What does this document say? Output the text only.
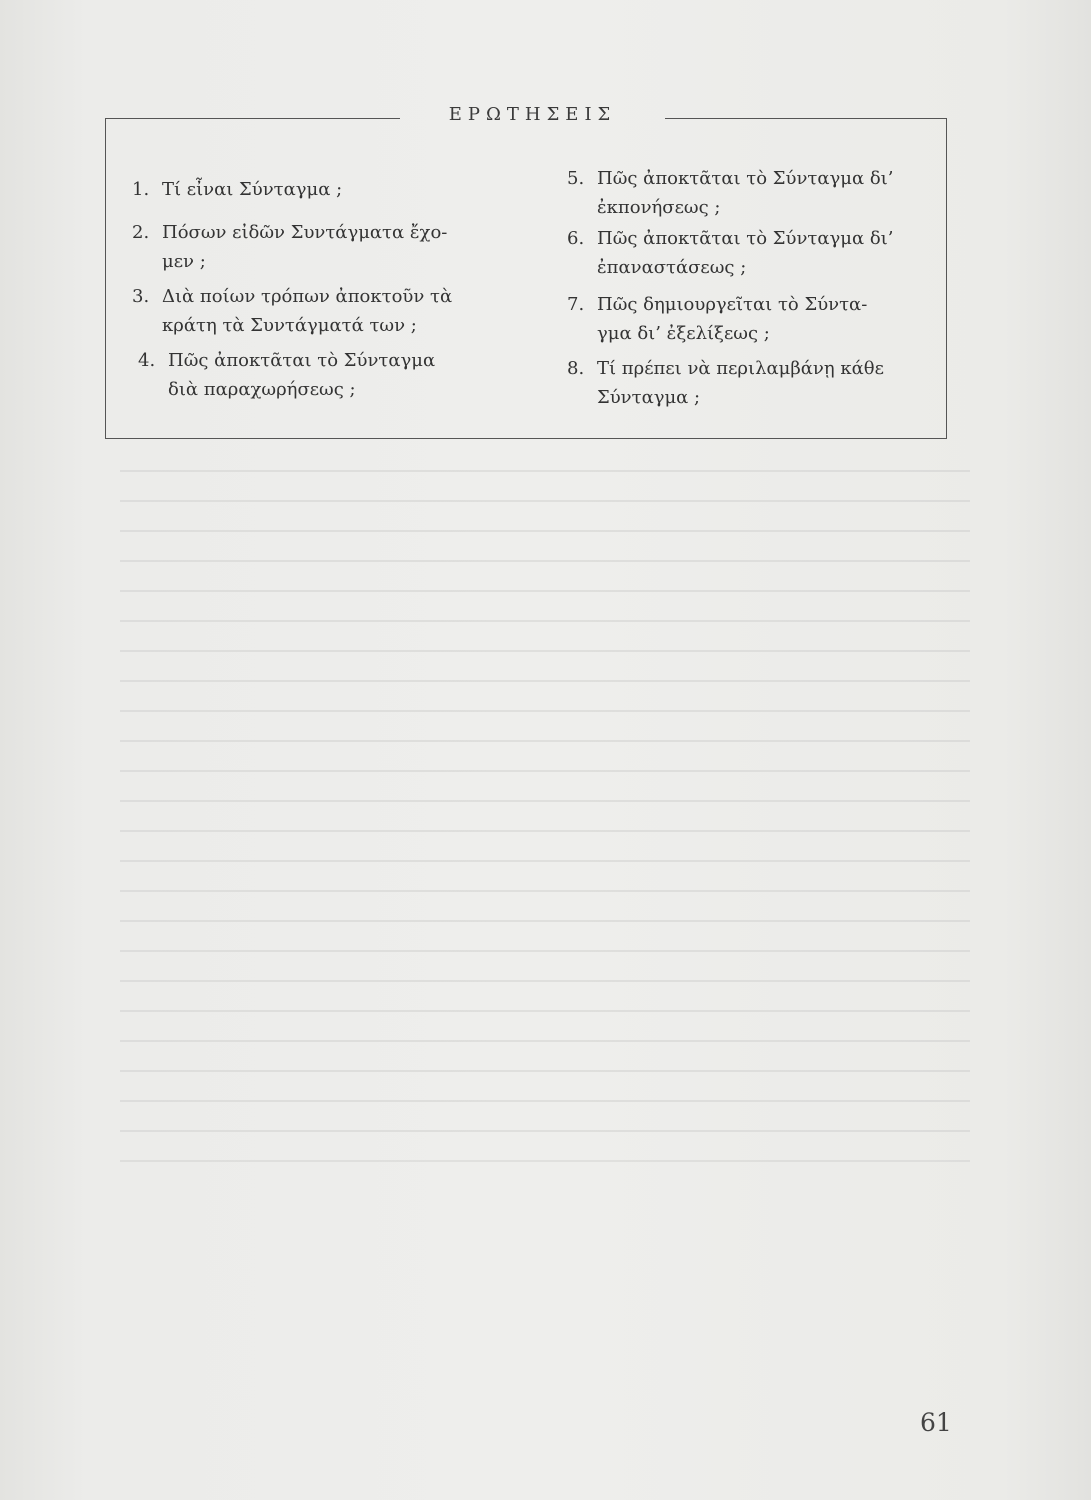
ΕΡΩΤΗΣΕΙΣ
1. Τί εἶναι Σύνταγμα ;
2. Πόσων εἰδῶν Συντάγματα ἔχο-
μεν ;
3. Διὰ ποίων τρόπων ἀποκτοῦν τὰ
κράτη τὰ Συντάγματά των ;
4. Πῶς ἀποκτᾶται τὸ Σύνταγμα
διὰ παραχωρήσεως ;
5. Πῶς ἀποκτᾶται τὸ Σύνταγμα δι’
ἐκπονήσεως ;
6. Πῶς ἀποκτᾶται τὸ Σύνταγμα δι’
ἐπαναστάσεως ;
7. Πῶς δημιουργεῖται τὸ Σύντα-
γμα δι’ ἐξελίξεως ;
8. Τί πρέπει νὰ περιλαμβάνῃ κάθε
Σύνταγμα ;
61
